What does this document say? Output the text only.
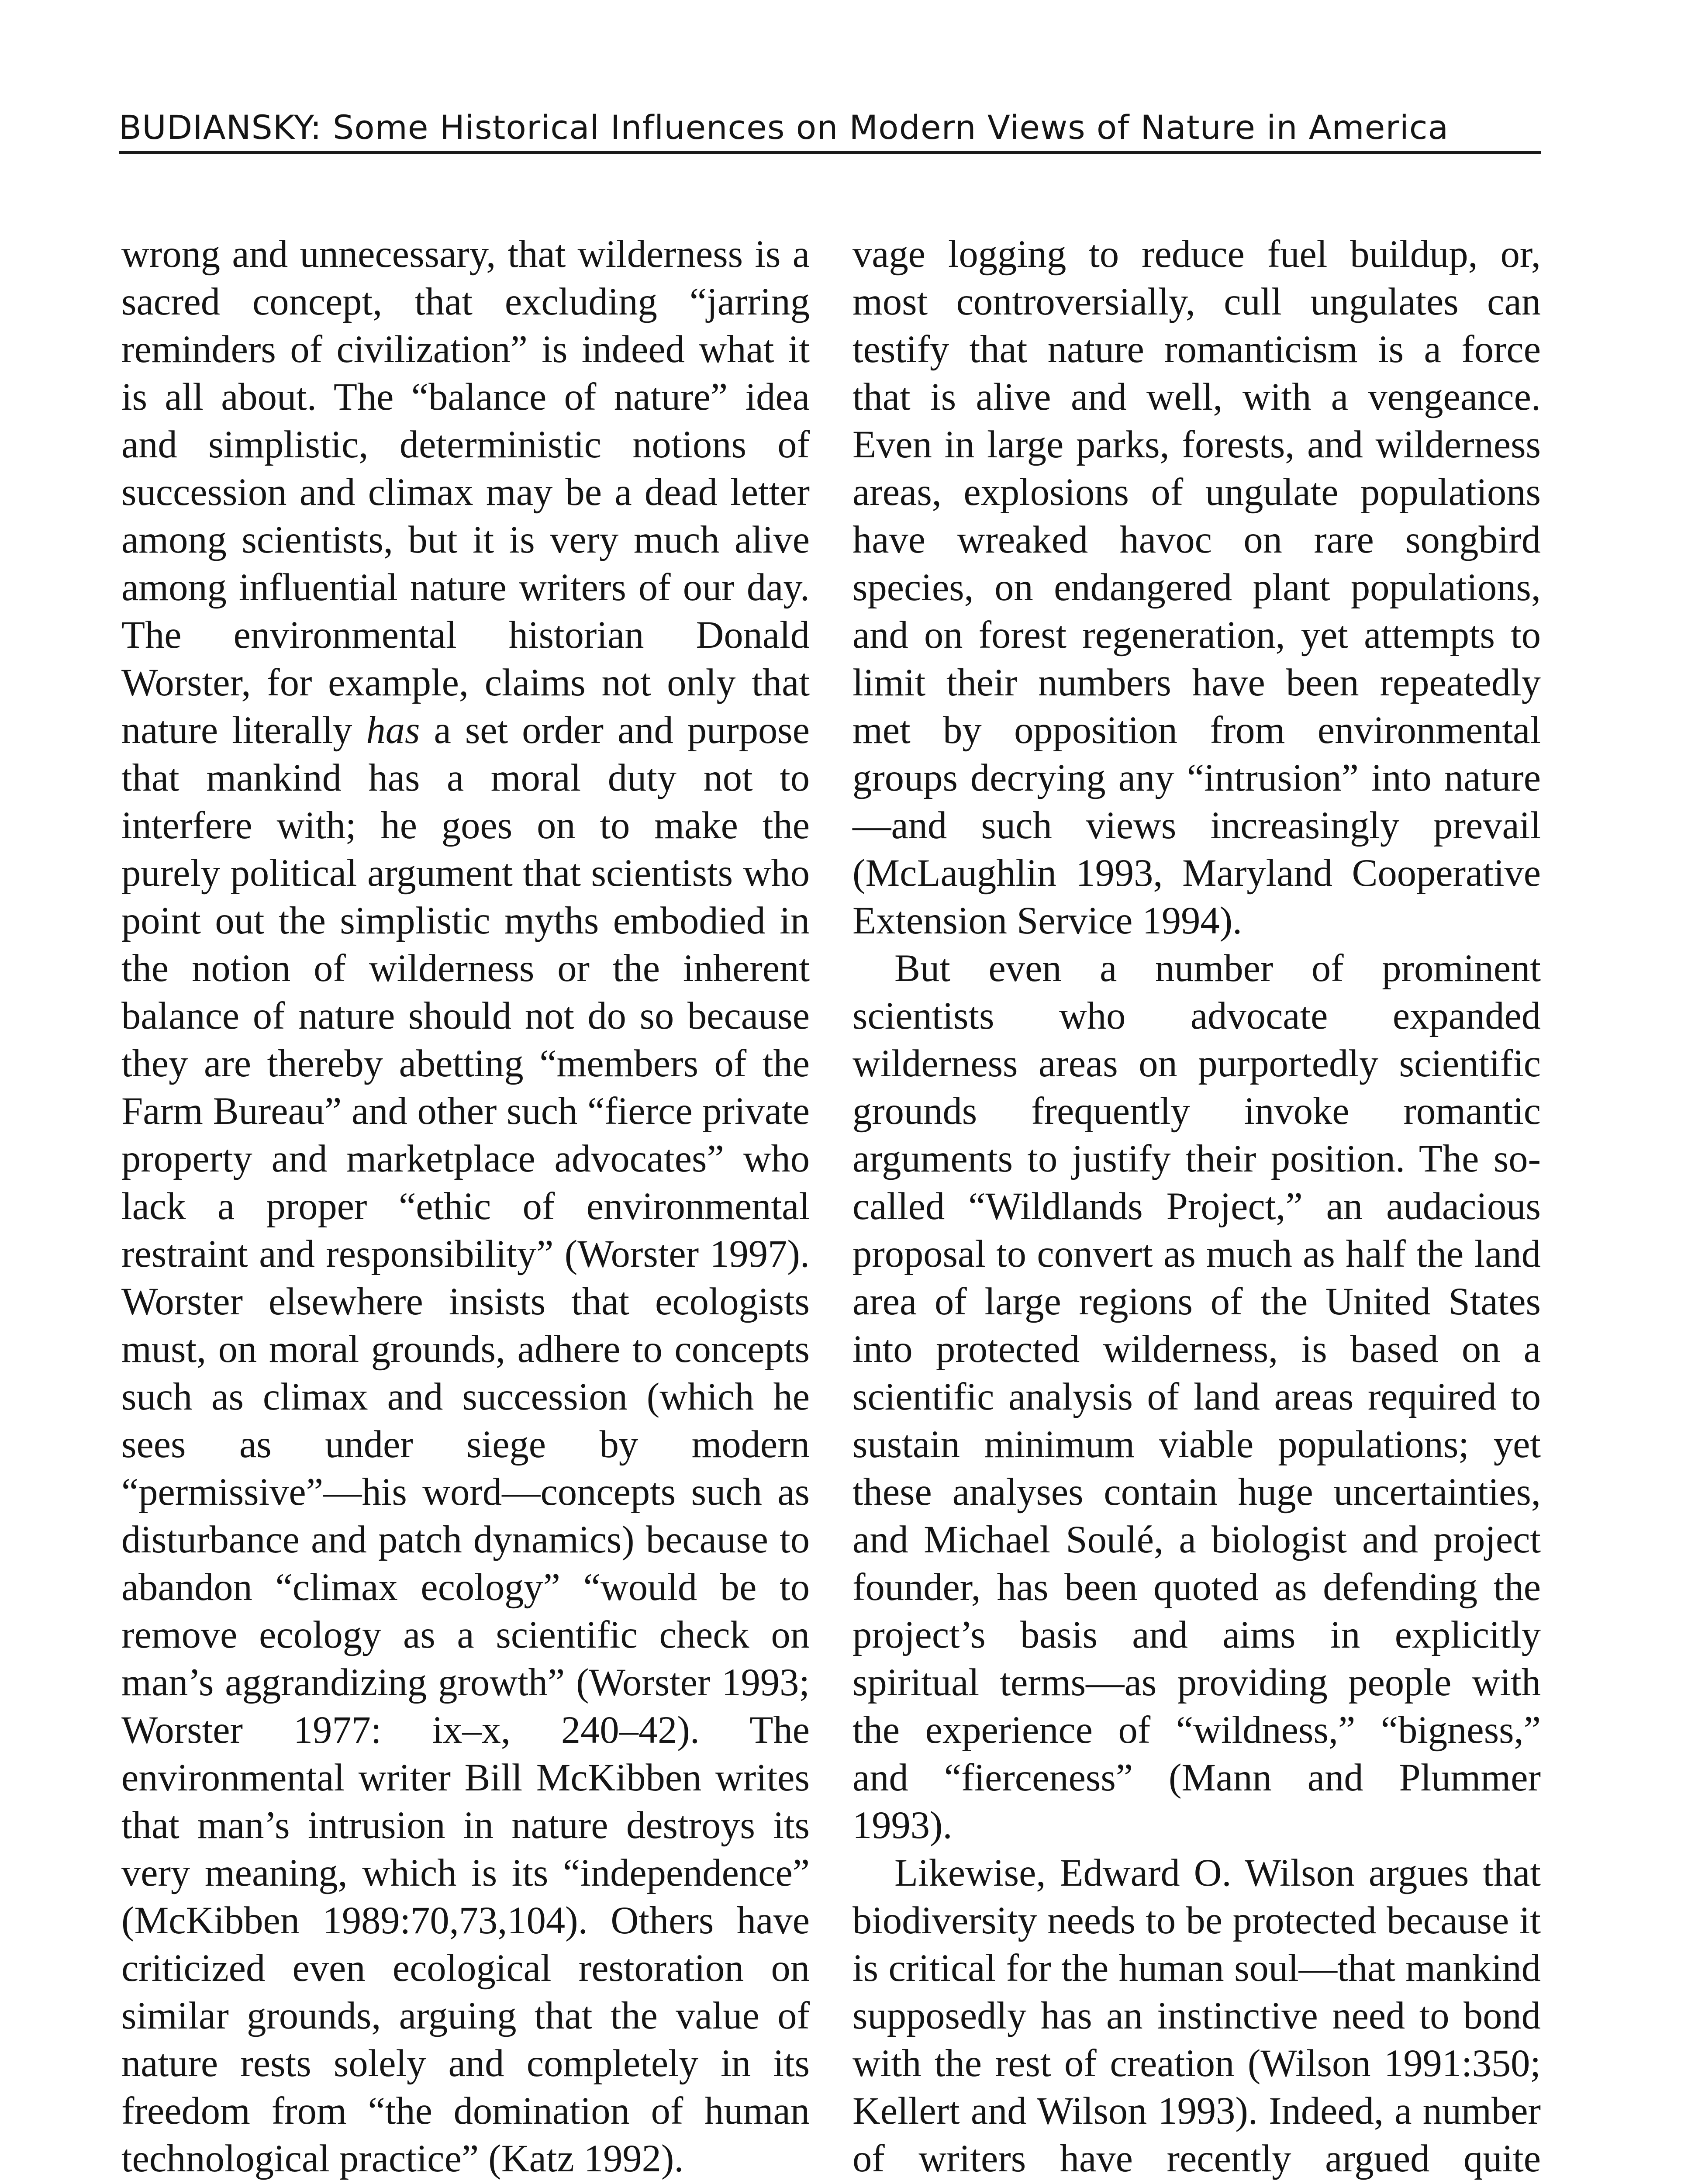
BUDIANSKY: Some Historical Influences on Modern Views of Nature in America

wrong and unnecessary, that wilderness is a sacred concept, that excluding “jarring reminders of civilization” is indeed what it is all about. The “balance of nature” idea and simplistic, deterministic notions of succession and climax may be a dead letter among scientists, but it is very much alive among influential nature writers of our day. The environmental historian Donald Worster, for example, claims not only that nature literally has a set order and purpose that mankind has a moral duty not to interfere with; he goes on to make the purely political argument that scientists who point out the simplistic myths embodied in the notion of wilderness or the inherent balance of nature should not do so because they are thereby abetting “members of the Farm Bureau” and other such “fierce private property and marketplace advocates” who lack a proper “ethic of environmental restraint and responsibility” (Worster 1997). Worster elsewhere insists that ecologists must, on moral grounds, adhere to concepts such as climax and succession (which he sees as under siege by modern “permissive”—his word—concepts such as disturbance and patch dynamics) because to abandon “climax ecology” “would be to remove ecology as a scientific check on man’s aggrandizing growth” (Worster 1993; Worster 1977: ix–x, 240–42). The environmental writer Bill McKibben writes that man’s intrusion in nature destroys its very meaning, which is its “independence” (McKibben 1989:70,73,104). Others have criticized even ecological restoration on similar grounds, arguing that the value of nature rests solely and completely in its freedom from “the domination of human technological practice” (Katz 1992).

vage logging to reduce fuel buildup, or, most controversially, cull ungulates can testify that nature romanticism is a force that is alive and well, with a vengeance. Even in large parks, forests, and wilderness areas, explosions of ungulate populations have wreaked havoc on rare songbird species, on endangered plant populations, and on forest regeneration, yet attempts to limit their numbers have been repeatedly met by opposition from environmental groups decrying any “intrusion” into nature—and such views increasingly prevail (McLaughlin 1993, Maryland Cooperative Extension Service 1994).

But even a number of prominent scientists who advocate expanded wilderness areas on purportedly scientific grounds frequently invoke romantic arguments to justify their position. The so-called “Wildlands Project,” an audacious proposal to convert as much as half the land area of large regions of the United States into protected wilderness, is based on a scientific analysis of land areas required to sustain minimum viable populations; yet these analyses contain huge uncertainties, and Michael Soulé, a biologist and project founder, has been quoted as defending the project’s basis and aims in explicitly spiritual terms—as providing people with the experience of “wildness,” “bigness,” and “fierceness” (Mann and Plummer 1993).

Likewise, Edward O. Wilson argues that biodiversity needs to be protected because it is critical for the human soul—that mankind supposedly has an instinctive need to bond with the rest of creation (Wilson 1991:350; Kellert and Wilson 1993). Indeed, a number of writers have recently argued quite
